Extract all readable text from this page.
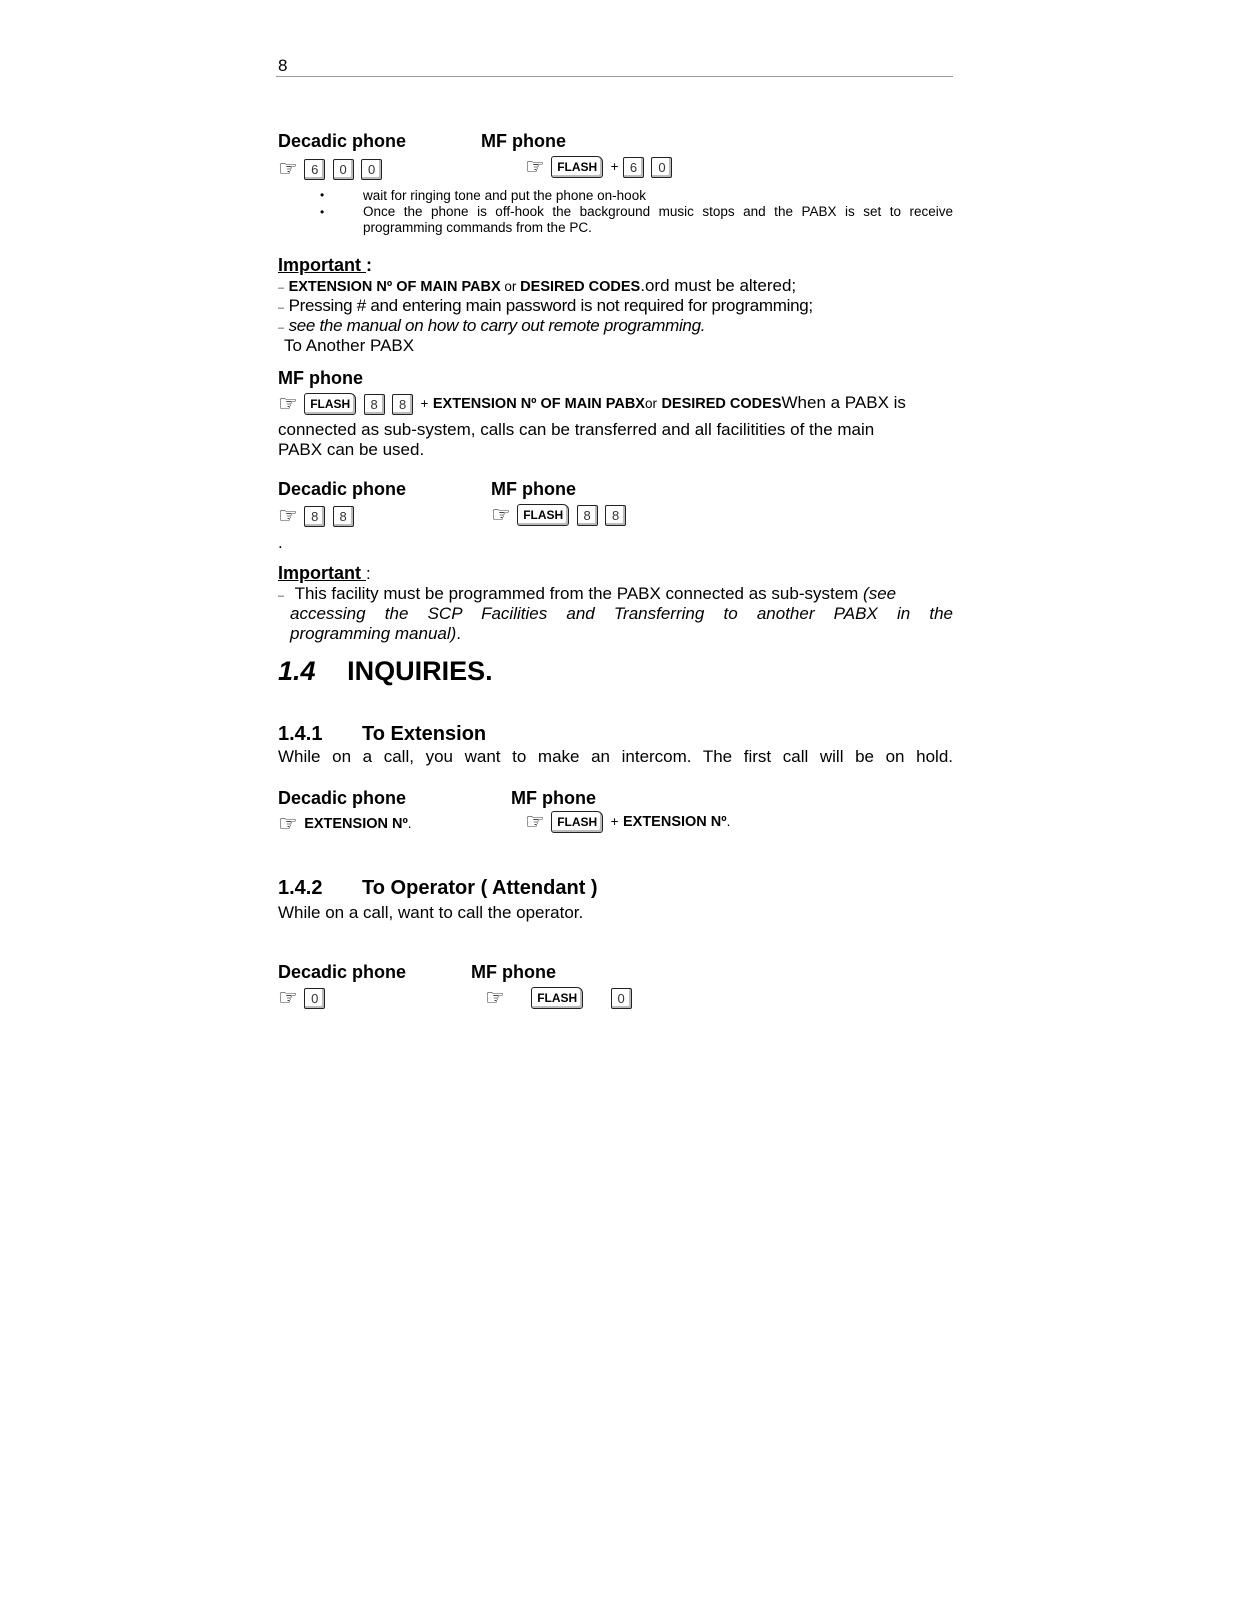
8
Decadic phone	MF phone
☞ 6 0 0	☞ FLASH + 6 0
•	wait for ringing tone and put the phone on-hook
•	Once the phone is off-hook the background music stops and the PABX is set to receive
programming commands from the PC.
Important :
– EXTENSION Nº OF MAIN PABX or DESIRED CODES.ord must be altered;
– Pressing # and entering main password is not required for programming;
– see the manual on how to carry out remote programming.
To Another PABX
MF phone
☞ FLASH 8 8 + EXTENSION Nº OF MAIN PABXor DESIRED CODESWhen a PABX is
connected as sub-system, calls can be transferred and all facilitities of the main
PABX can be used.
Decadic phone	MF phone
☞ 8 8	☞ FLASH 8 8
.
Important :
– This facility must be programmed from the PABX connected as sub-system (see
accessing the SCP Facilities and Transferring to another PABX in the
programming manual).
1.4 INQUIRIES.
1.4.1 To Extension
While on a call, you want to make an intercom. The first call will be on hold.
Decadic phone	MF phone
☞ EXTENSION Nº.	☞ FLASH + EXTENSION Nº.
1.4.2 To Operator ( Attendant )
While on a call, want to call the operator.
Decadic phone	MF phone
☞ 0	☞	FLASH	0
